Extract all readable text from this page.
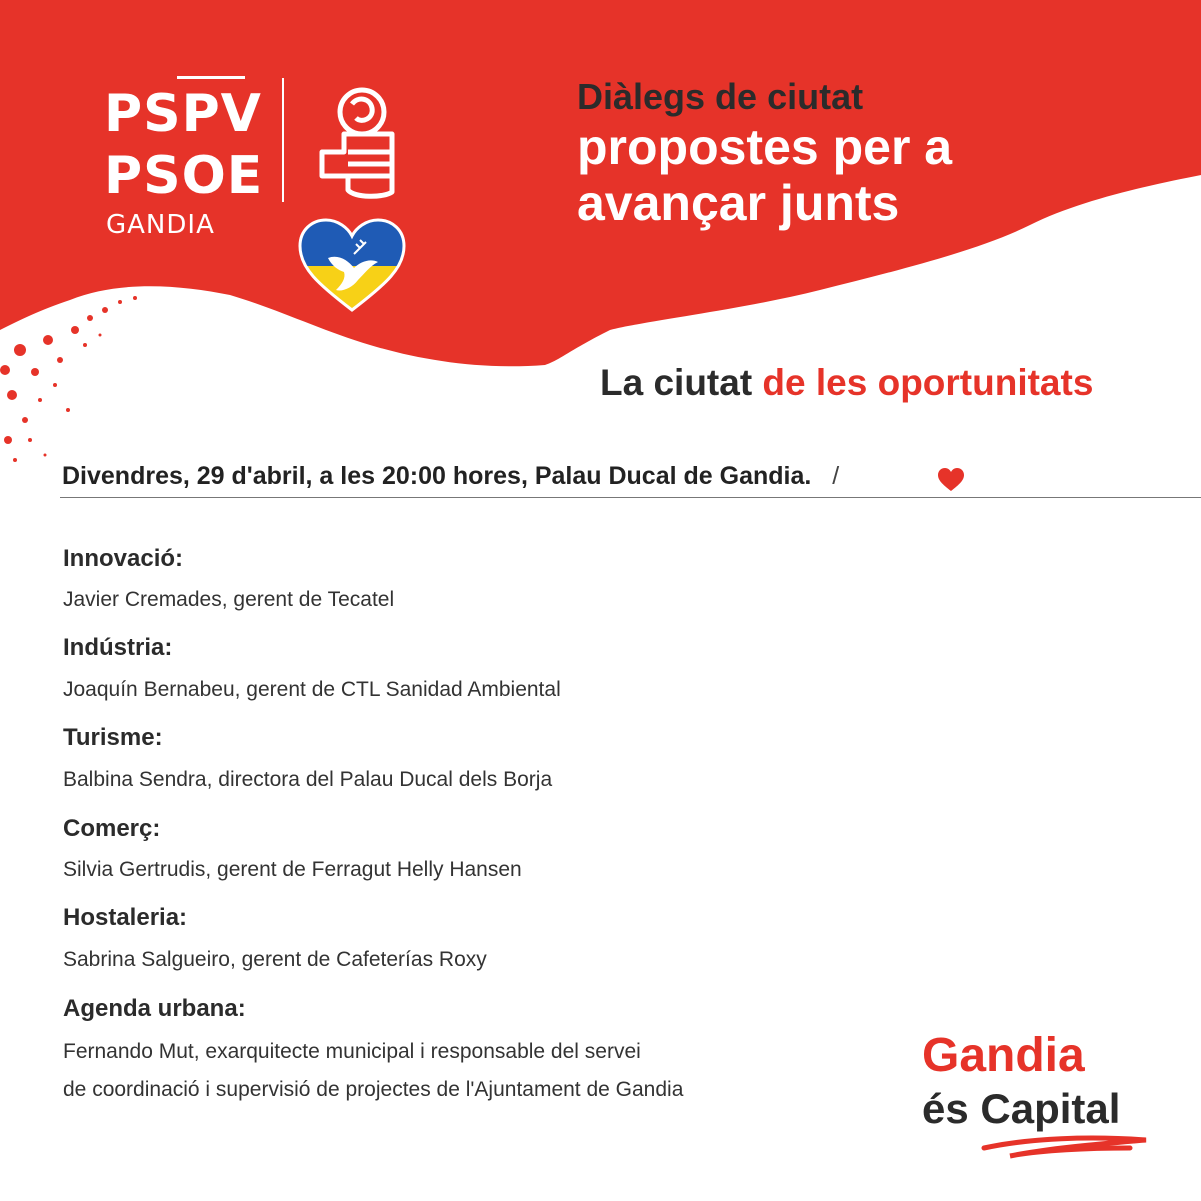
PSPV
PSOE
GANDIA
Diàlegs de ciutat
propostes per a
avançar junts
La ciutat de les oportunitats
Divendres, 29 d'abril, a les 20:00 hores, Palau Ducal de Gandia. /
Innovació:
Javier Cremades, gerent de Tecatel
Indústria:
Joaquín Bernabeu, gerent de CTL Sanidad Ambiental
Turisme:
Balbina Sendra, directora del Palau Ducal dels Borja
Comerç:
Silvia Gertrudis, gerent de Ferragut Helly Hansen
Hostaleria:
Sabrina Salgueiro, gerent de Cafeterías Roxy
Agenda urbana:
Fernando Mut, exarquitecte municipal i responsable del servei
de coordinació i supervisió de projectes de l'Ajuntament de Gandia
Gandia
és Capital
